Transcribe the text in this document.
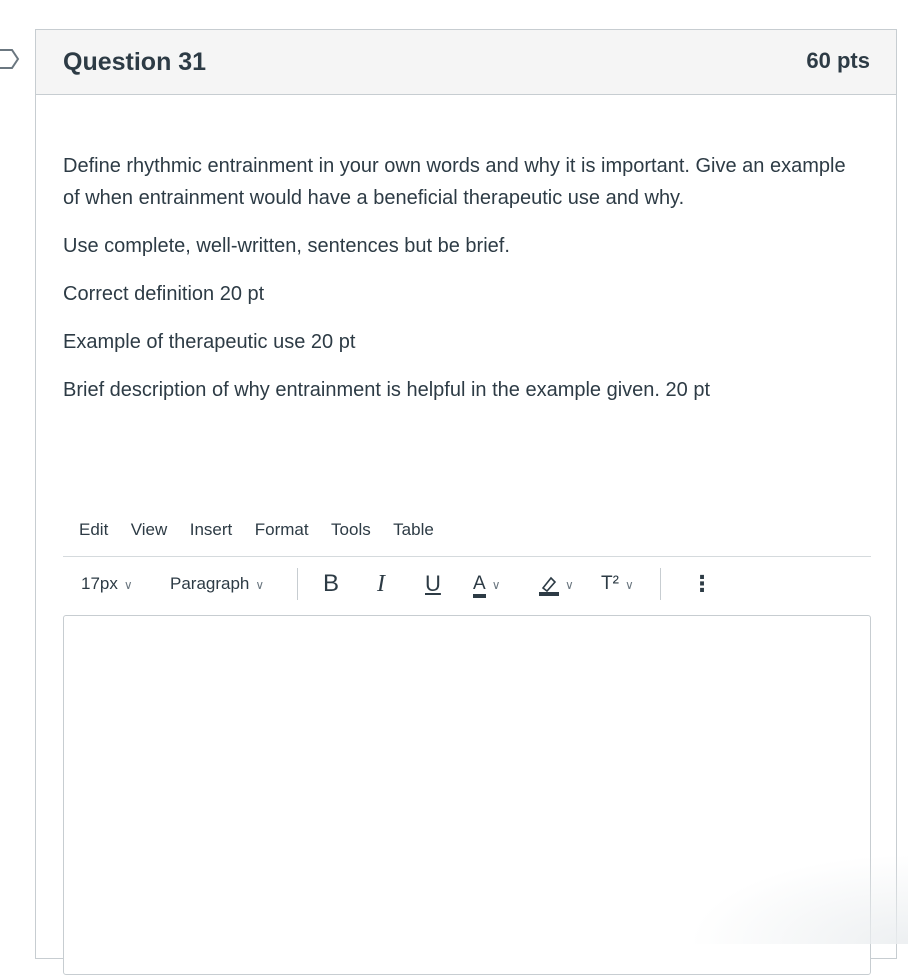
Question 31	60 pts

Define rhythmic entrainment in your own words and why it is important. Give an example of when entrainment would have a beneficial therapeutic use and why.

Use complete, well-written, sentences but be brief.

Correct definition 20 pt

Example of therapeutic use 20 pt

Brief description of why entrainment is helpful in the example given. 20 pt

Edit View Insert Format Tools Table
17px ∨ Paragraph ∨ B I U A ∨	∨ T² ∨	⋮
